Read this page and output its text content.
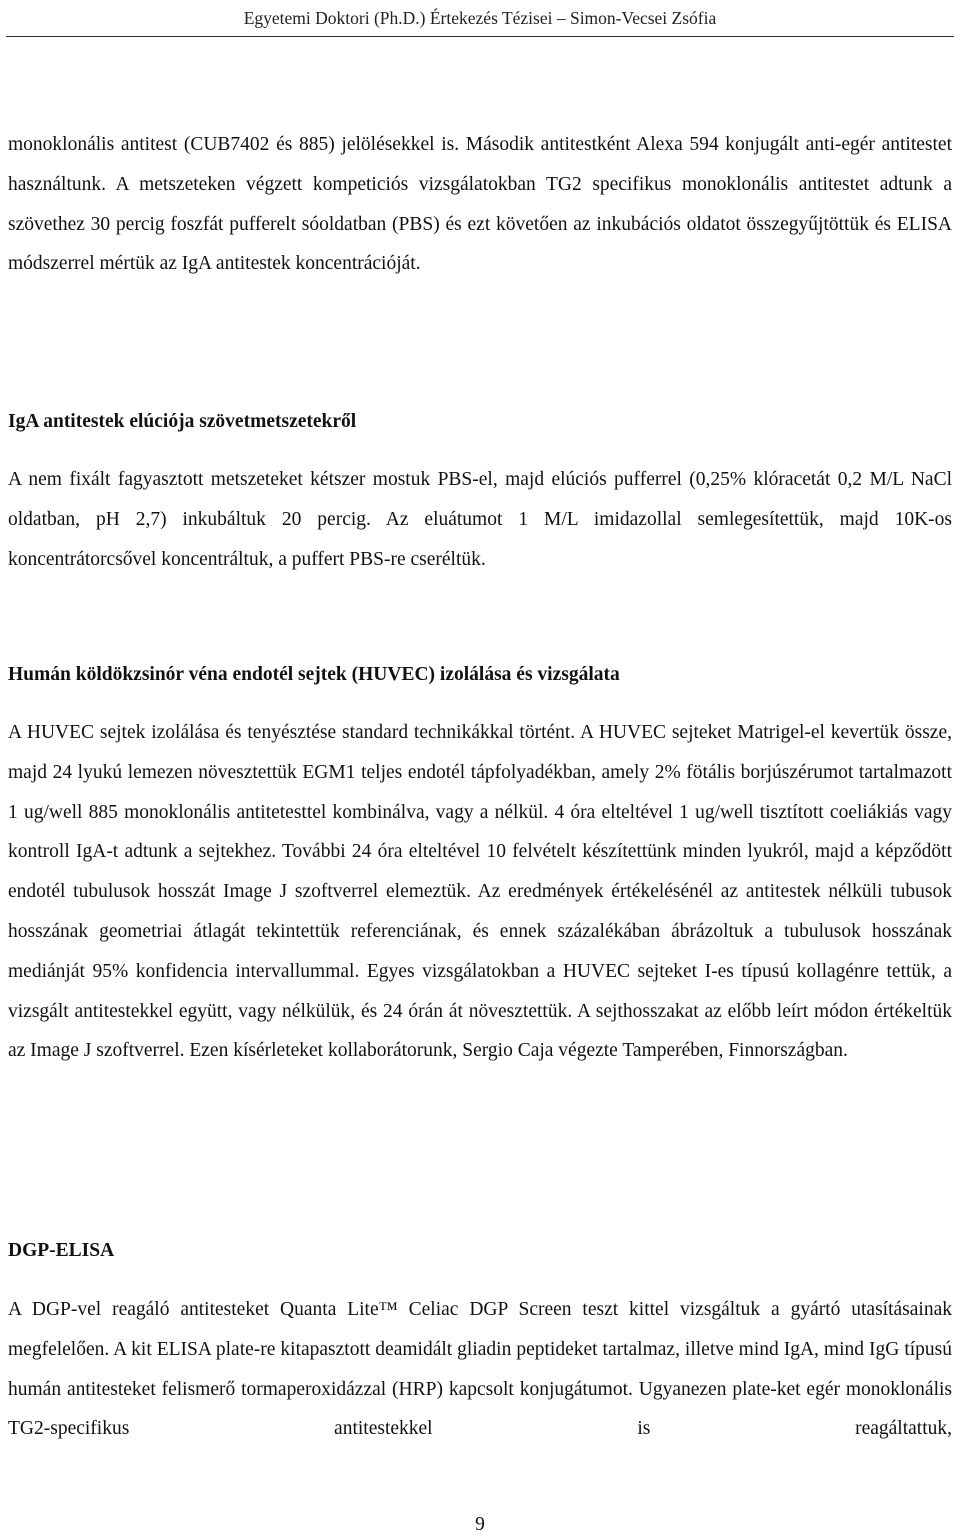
Egyetemi Doktori (Ph.D.) Értekezés Tézisei – Simon-Vecsei Zsófia

monoklonális antitest (CUB7402 és 885) jelölésekkel is. Második antitestként Alexa 594 konjugált anti-egér antitestet használtunk. A metszeteken végzett kompeticiós vizsgálatokban TG2 specifikus monoklonális antitestet adtunk a szövethez 30 percig foszfát pufferelt sóoldatban (PBS) és ezt követően az inkubációs oldatot összegyűjtöttük és ELISA módszerrel mértük az IgA antitestek koncentrációját.

IgA antitestek elúciója szövetmetszetekről

A nem fixált fagyasztott metszeteket kétszer mostuk PBS-el, majd elúciós pufferrel (0,25% klóracetát 0,2 M/L NaCl oldatban, pH 2,7) inkubáltuk 20 percig. Az eluátumot 1 M/L imidazollal semlegesítettük, majd 10K-os koncentrátorcsővel koncentráltuk, a puffert PBS-re cseréltük.

Humán köldökzsinór véna endotél sejtek (HUVEC) izolálása és vizsgálata

A HUVEC sejtek izolálása és tenyésztése standard technikákkal történt. A HUVEC sejteket Matrigel-el kevertük össze, majd 24 lyukú lemezen növesztettük EGM1 teljes endotél tápfolyadékban, amely 2% fötális borjúszérumot tartalmazott 1 ug/well 885 monoklonális antitetesttel kombinálva, vagy a nélkül. 4 óra elteltével 1 ug/well tisztított coeliákiás vagy kontroll IgA-t adtunk a sejtekhez. További 24 óra elteltével 10 felvételt készítettünk minden lyukról, majd a képződött endotél tubulusok hosszát Image J szoftverrel elemeztük. Az eredmények értékelésénél az antitestek nélküli tubusok hosszának geometriai átlagát tekintettük referenciának, és ennek százalékában ábrázoltuk a tubulusok hosszának mediánját 95% konfidencia intervallummal. Egyes vizsgálatokban a HUVEC sejteket I-es típusú kollagénre tettük, a vizsgált antitestekkel együtt, vagy nélkülük, és 24 órán át növesztettük. A sejthosszakat az előbb leírt módon értékeltük az Image J szoftverrel. Ezen kísérleteket kollaborátorunk, Sergio Caja végezte Tamperében, Finnországban.

DGP-ELISA

A DGP-vel reagáló antitesteket Quanta Lite™ Celiac DGP Screen teszt kittel vizsgáltuk a gyártó utasításainak megfelelően. A kit ELISA plate-re kitapasztott deamidált gliadin peptideket tartalmaz, illetve mind IgA, mind IgG típusú humán antitesteket felismerő tormaperoxidázzal (HRP) kapcsolt konjugátumot. Ugyanezen plate-ket egér monoklonális TG2-specifikus antitestekkel is reagáltattuk,

9
